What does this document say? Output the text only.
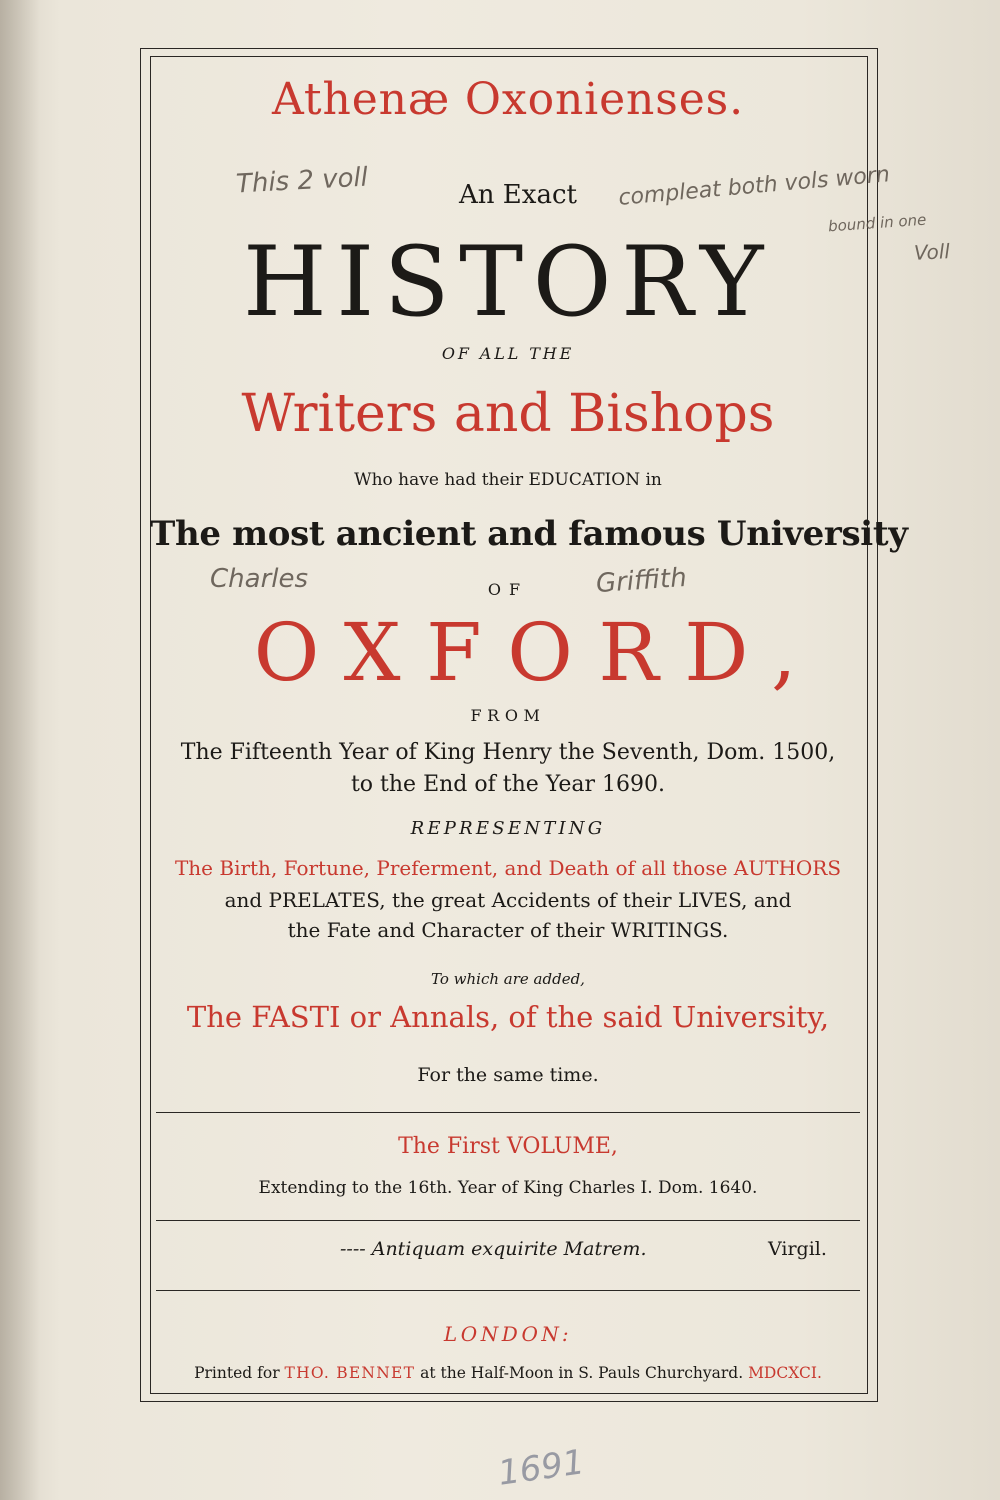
Athenæ Oxonienses.
An Exact
HISTORY
OF ALL THE
Writers and Bishops
Who have had their EDUCATION in
The most ancient and famous University
OF
OXFORD,
FROM
The Fifteenth Year of King Henry the Seventh, Dom. 1500,
to the End of the Year 1690.
REPRESENTING
The Birth, Fortune, Preferment, and Death of all those AUTHORS
and PRELATES, the great Accidents of their LIVES, and
the Fate and Character of their WRITINGS.
To which are added,
The FASTI or Annals, of the said University,
For the same time.
The First VOLUME,
Extending to the 16th. Year of King Charles I. Dom. 1640.
---- Antiquam exquirite Matrem.	Virgil.
LONDON:
Printed for THO. BENNET at the Half-Moon in S. Pauls Churchyard. MDCXCI.
This 2 voll	compleat both vols worn
bound in one
Voll
Charles	Griffith
1691
